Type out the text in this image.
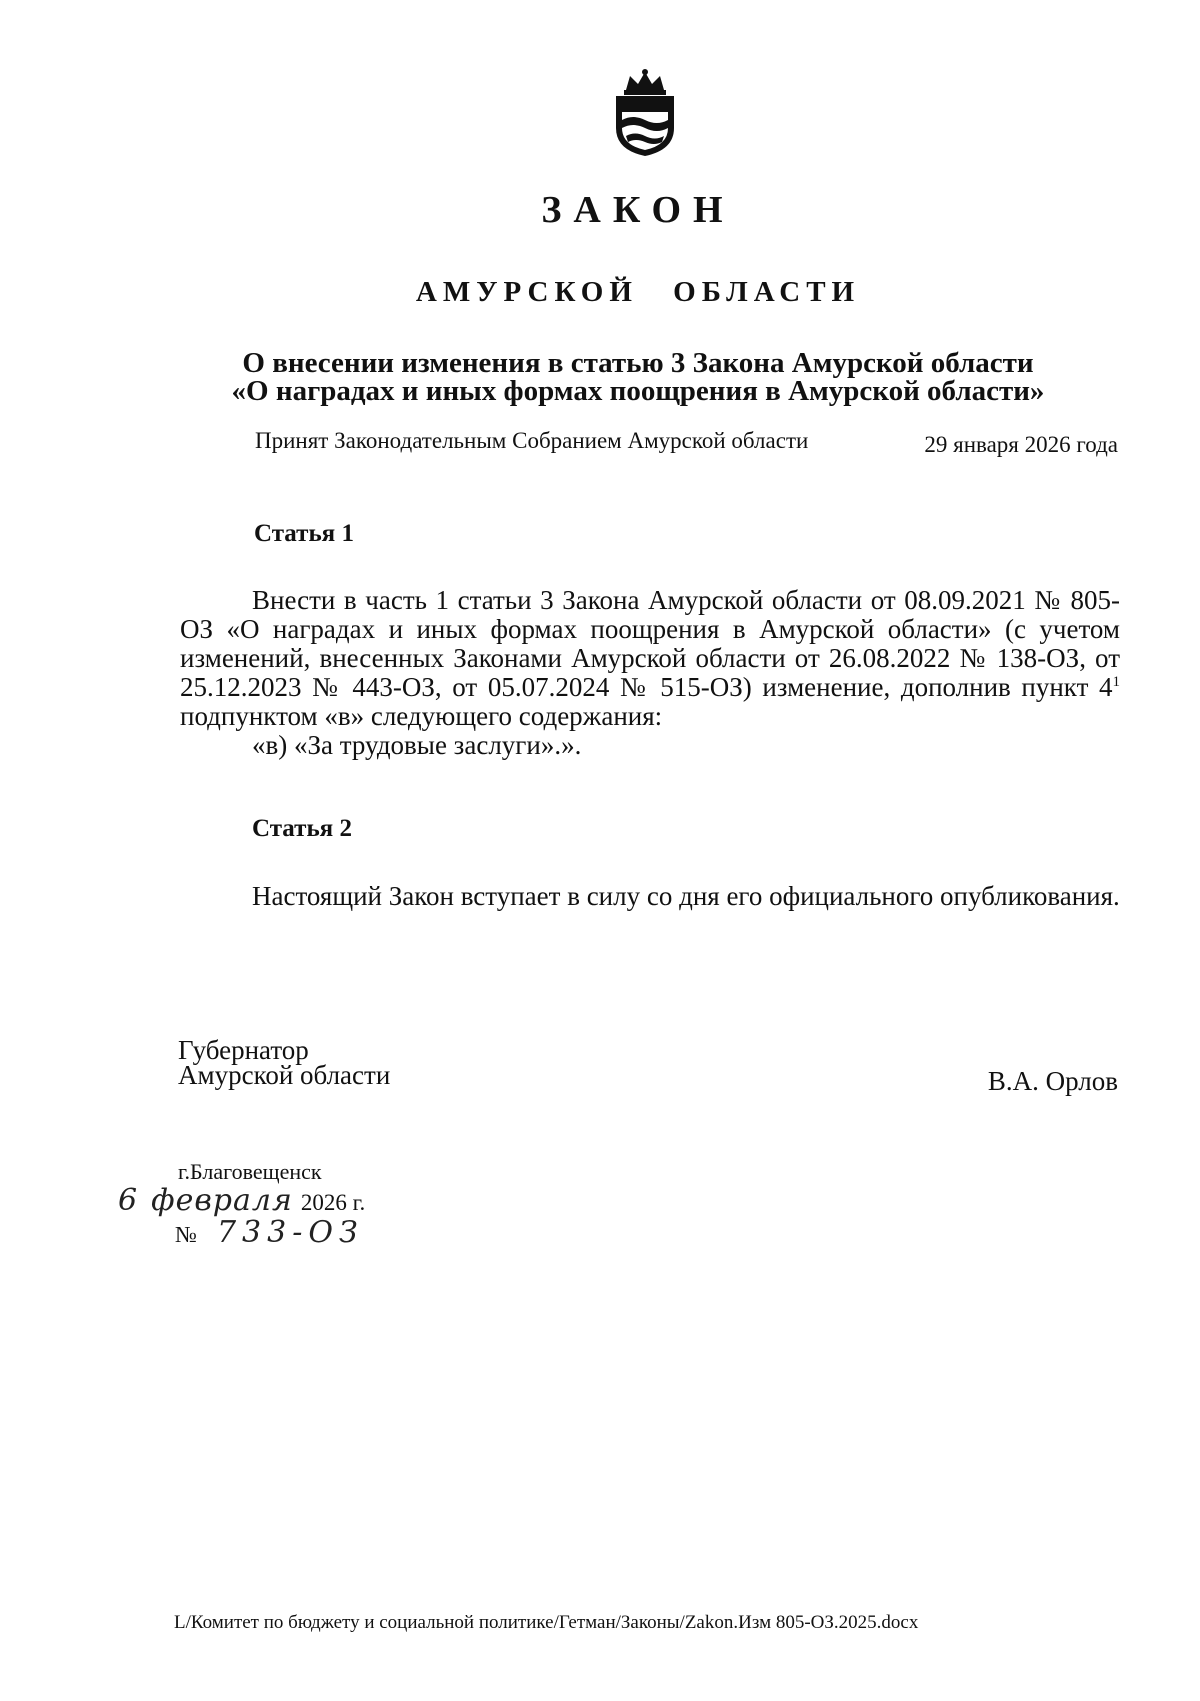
ЗАКОН
АМУРСКОЙ ОБЛАСТИ
О внесении изменения в статью 3 Закона Амурской области
«О наградах и иных формах поощрения в Амурской области»
Принят Законодательным Собранием Амурской области	29 января 2026 года
Статья 1

Внести в часть 1 статьи 3 Закона Амурской области от 08.09.2021 № 805-ОЗ «О наградах и иных формах поощрения в Амурской области» (с учетом изменений, внесенных Законами Амурской области от 26.08.2022 № 138-ОЗ, от 25.12.2023 № 443-ОЗ, от 05.07.2024 № 515-ОЗ) изменение, дополнив пункт $4^1$ подпунктом «в» следующего содержания:

«в) «За трудовые заслуги».».

Статья 2

Настоящий Закон вступает в силу со дня его официального опубликования.

Губернатор
Амурской области	В.А. Орлов
г.Благовещенск
6 февраля 2026 г.
№ 733-ОЗ
L/Комитет по бюджету и социальной политике/Гетман/Законы/Zakon.Изм 805-ОЗ.2025.docx
